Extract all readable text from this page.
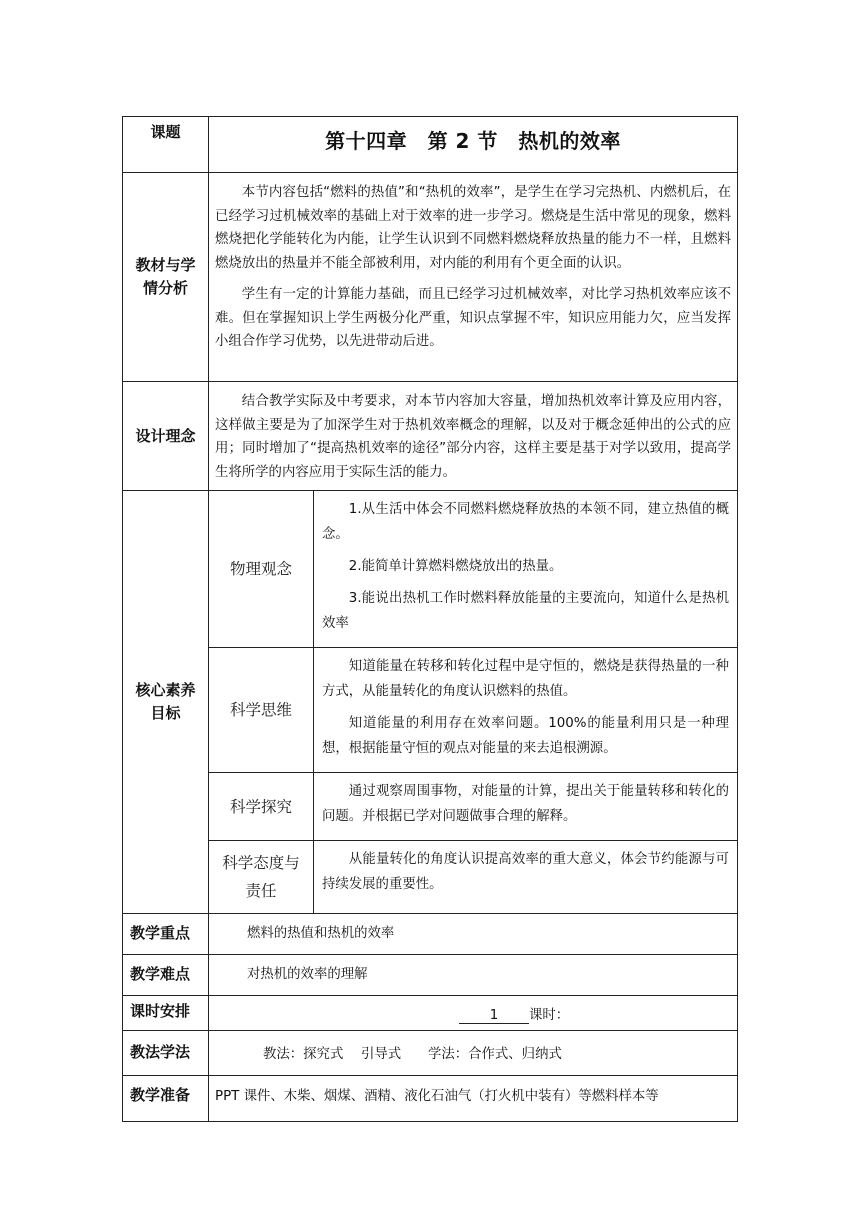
课题	第十四章　第 2 节　热机的效率	
教材与学情分析	本节内容包括“燃料的热值”和“热机的效率”，是学生在学习完热机、内燃机后，在已经学习过机械效率的基础上对于效率的进一步学习。燃烧是生活中常见的现象，燃料燃烧把化学能转化为内能，让学生认识到不同燃料燃烧释放热量的能力不一样，且燃料燃烧放出的热量并不能全部被利用，对内能的利用有个更全面的认识。

学生有一定的计算能力基础，而且已经学习过机械效率，对比学习热机效率应该不难。但在掌握知识上学生两极分化严重，知识点掌握不牢，知识应用能力欠，应当发挥小组合作学习优势，以先进带动后进。	

设计理念	结合教学实际及中考要求，对本节内容加大容量，增加热机效率计算及应用内容，这样做主要是为了加深学生对于热机效率概念的理解，以及对于概念延伸出的公式的应用；同时增加了“提高热机效率的途径”部分内容，这样主要是基于对学以致用，提高学生将所学的内容应用于实际生活的能力。	

核心素养目标	物理观念	1.从生活中体会不同燃料燃烧释放热的本领不同，建立热值的概念。

2.能简单计算燃料燃烧放出的热量。

3.能说出热机工作时燃料释放能量的主要流向，知道什么是热机效率

	科学思维	知道能量在转移和转化过程中是守恒的，燃烧是获得热量的一种方式，从能量转化的角度认识燃料的热值。

知道能量的利用存在效率问题。100%的能量利用只是一种理想，根据能量守恒的观点对能量的来去追根溯源。

	科学探究	通过观察周围事物，对能量的计算，提出关于能量转移和转化的问题。并根据已学对问题做事合理的解释。

	科学态度与责任	从能量转化的角度认识提高效率的重大意义，体会节约能源与可持续发展的重要性。

教学重点	燃料的热值和热机的效率	
教学难点	对热机的效率的理解	
课时安排	1 课时：	
教法学法	教法：探究式　 引导式　　学法：合作式、归纳式	
教学准备	PPT 课件、木柴、烟煤、酒精、液化石油气（打火机中装有）等燃料样本等	
